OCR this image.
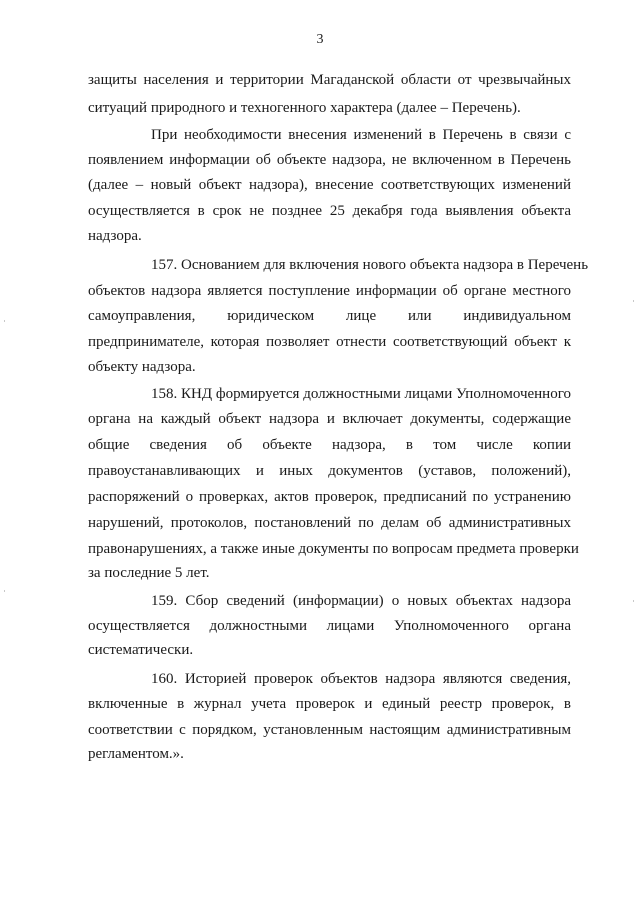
3
защиты населения и территории Магаданской области от чрезвычайных
ситуаций природного и техногенного характера (далее – Перечень).
При необходимости внесения изменений в Перечень в связи с
появлением информации об объекте надзора, не включенном в Перечень
(далее – новый объект надзора), внесение соответствующих изменений
осуществляется в срок не позднее 25 декабря года выявления объекта
надзора.
157. Основанием для включения нового объекта надзора в Перечень
объектов надзора является поступление информации об органе местного
самоуправления, юридическом лице или индивидуальном
предпринимателе, которая позволяет отнести соответствующий объект к
объекту надзора.
158. КНД формируется должностными лицами Уполномоченного
органа на каждый объект надзора и включает документы, содержащие
общие сведения об объекте надзора, в том числе копии
правоустанавливающих и иных документов (уставов, положений),
распоряжений о проверках, актов проверок, предписаний по устранению
нарушений, протоколов, постановлений по делам об административных
правонарушениях, а также иные документы по вопросам предмета проверки
за последние 5 лет.
159. Сбор сведений (информации) о новых объектах надзора
осуществляется должностными лицами Уполномоченного органа
систематически.
160. Историей проверок объектов надзора являются сведения,
включенные в журнал учета проверок и единый реестр проверок, в
соответствии с порядком, установленным настоящим административным
регламентом.».
